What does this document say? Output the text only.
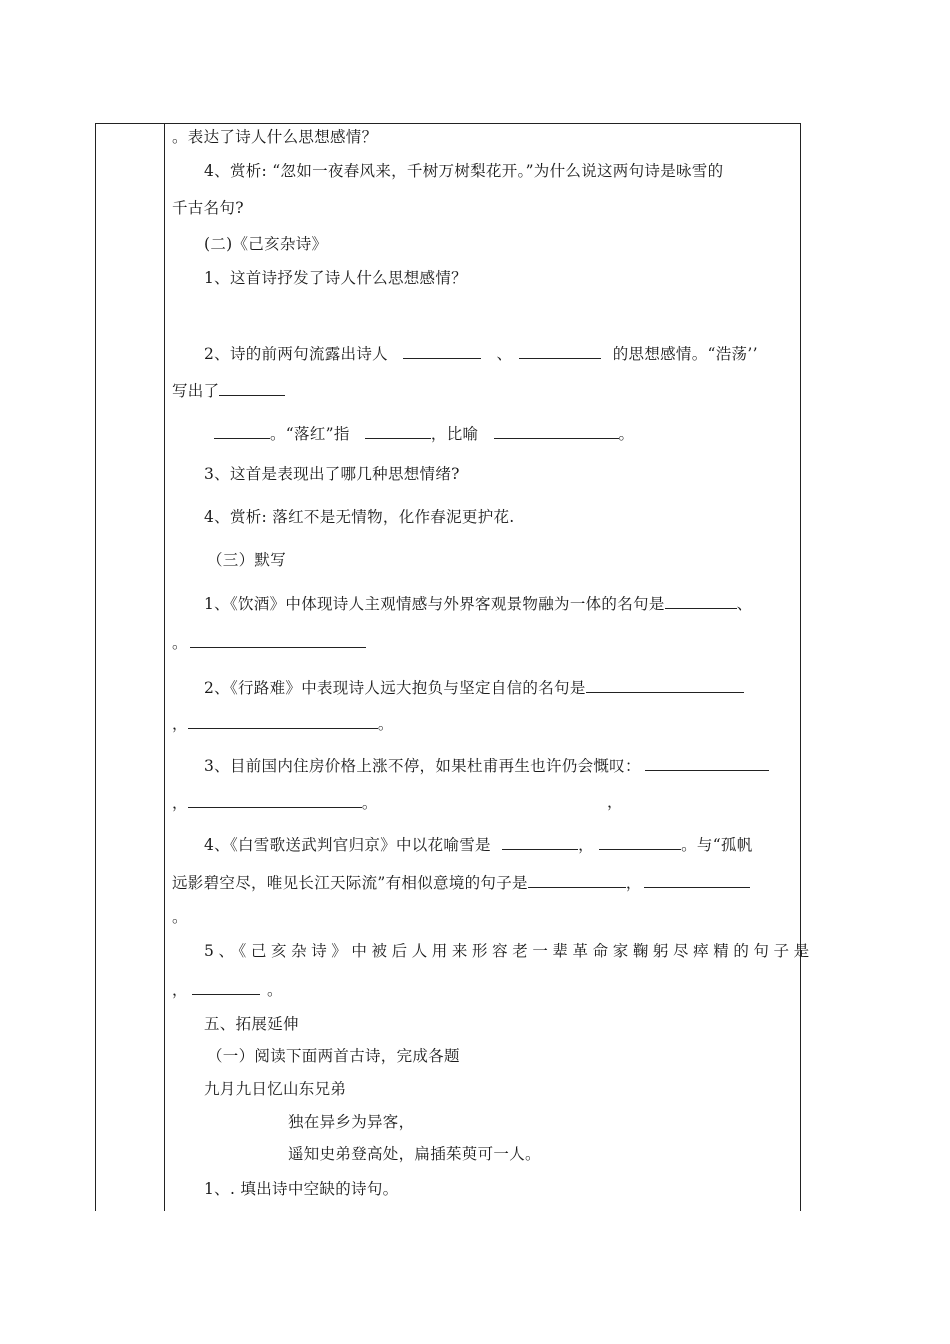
。表达了诗人什么思想感情？
4、赏析: “忽如一夜春风来，千树万树梨花开。”为什么说这两句诗是咏雪的
千古名句?
(二)《己亥杂诗》
1、这首诗抒发了诗人什么思想感情？
2、诗的前两句流露出诗人	、	的思想感情。“浩荡’’
写出了
。“落红”指	，比喻	。
3、这首是表现出了哪几种思想情绪?
4、赏析: 落红不是无情物，化作春泥更护花.
（三）默写
1、《饮酒》中体现诗人主观情感与外界客观景物融为一体的名句是	、
。
2、《行路难》中表现诗人远大抱负与坚定自信的名句是
，	。
3、目前国内住房价格上涨不停，如果杜甫再生也许仍会慨叹：
，	。	，
4、《白雪歌送武判官归京》中以花喻雪是	，	。与“孤帆
远影碧空尽，唯见长江天际流”有相似意境的句子是	，
。
5、《己亥杂诗》中被后人用来形容老一辈革命家鞠躬尽瘁精的句子是
，	。
五、拓展延伸
（一）阅读下面两首古诗，完成各题
九月九日忆山东兄弟
独在异乡为异客，
遥知史弟登高处，扁插茱萸可一人。
1、. 填出诗中空缺的诗句。
